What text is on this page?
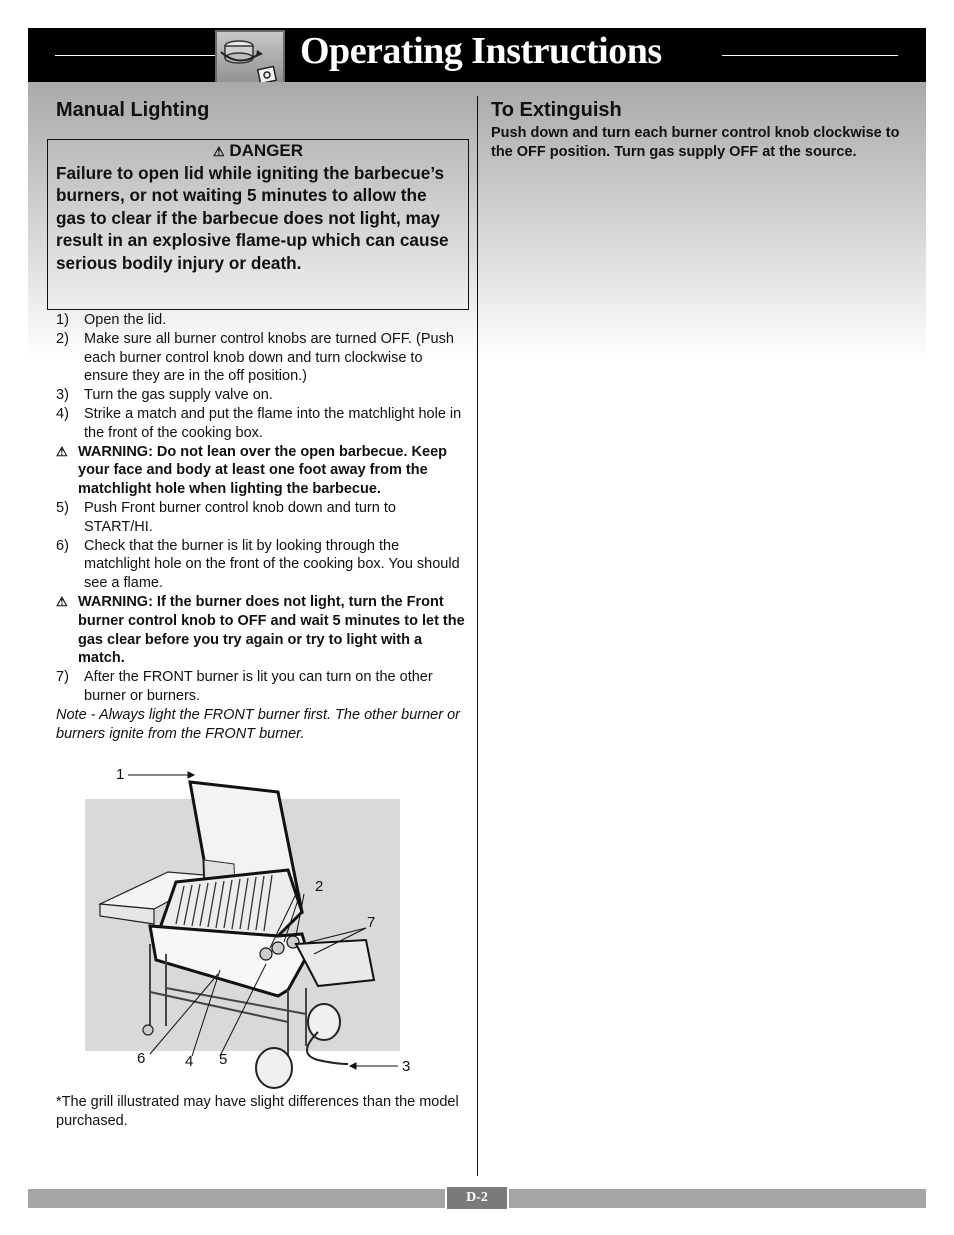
Operating Instructions
Manual Lighting
⚠ DANGER
Failure to open lid while igniting the barbecue’s burners, or not waiting 5 minutes to allow the gas to clear if the barbecue does not light, may result in an explosive flame-up which can cause serious bodily injury or death.
1)	Open the lid.
2)	Make sure all burner control knobs are turned OFF. (Push each burner control knob down and turn clockwise to ensure they are in the off position.)
3)	Turn the gas supply valve on.
4)	Strike a match and put the flame into the matchlight hole in the front of the cooking box.
⚠ WARNING: Do not lean over the open barbecue. Keep your face and body at least one foot away from the matchlight hole when lighting the barbecue.
5)	Push Front burner control knob down and turn to START/HI.
6)	Check that the burner is lit by looking through the matchlight hole on the front of the cooking box. You should see a flame.
⚠ WARNING: If the burner does not light, turn the Front burner control knob to OFF and wait 5 minutes to let the gas clear before you try again or try to light with a match.
7)	After the FRONT burner is lit you can turn on the other burner or burners.
Note - Always light the FRONT burner first. The other burner or burners ignite from the FRONT burner.
1
2
7
6	4 5	3
*The grill illustrated may have slight differences than the model purchased.
To Extinguish
Push down and turn each burner control knob clockwise to the OFF position. Turn gas supply OFF at the source.
D-2
